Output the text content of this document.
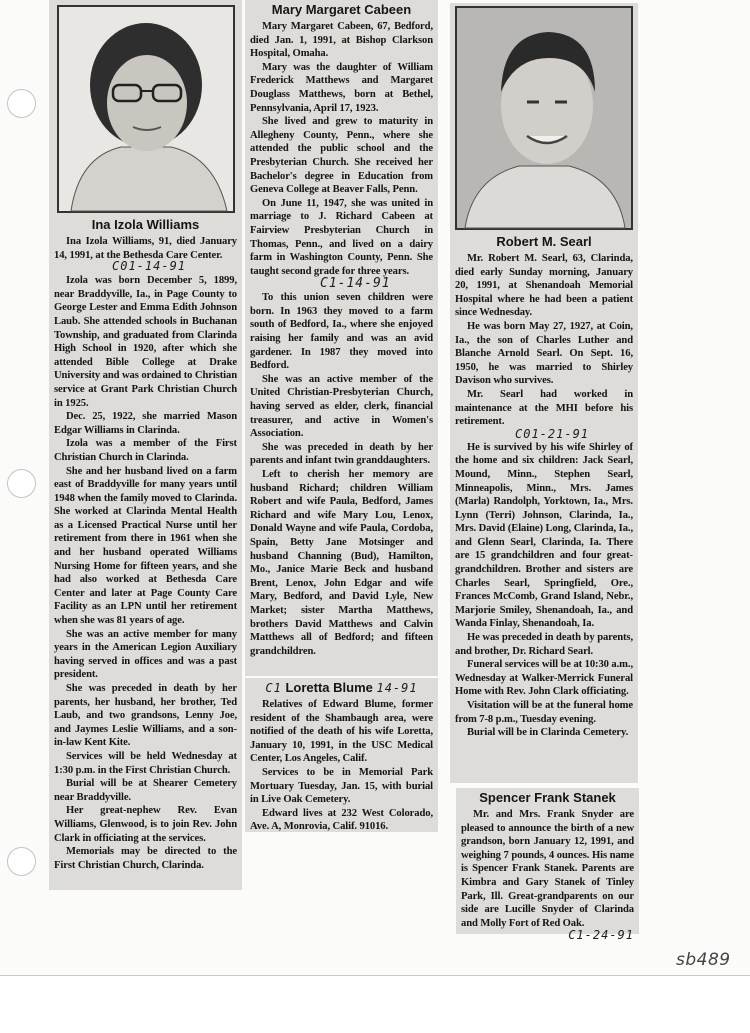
Ina Izola Williams

Ina Izola Williams, 91, died January 14, 1991, at the Bethesda Care Center.

C01-14-91

Izola was born December 5, 1899, near Braddyville, Ia., in Page County to George Lester and Emma Edith Johnson Laub. She attended schools in Buchanan Township, and graduated from Clarinda High School in 1920, after which she attended Bible College at Drake University and was ordained to Christian service at Grant Park Christian Church in 1925.

Dec. 25, 1922, she married Mason Edgar Williams in Clarinda.

Izola was a member of the First Christian Church in Clarinda.

She and her husband lived on a farm east of Braddyville for many years until 1948 when the family moved to Clarinda. She worked at Clarinda Mental Health as a Licensed Practical Nurse until her retirement from there in 1961 when she and her husband operated Williams Nursing Home for fifteen years, and she had also worked at Bethesda Care Center and later at Page County Care Facility as an LPN until her retirement when she was 81 years of age.

She was an active member for many years in the American Legion Auxiliary having served in offices and was a past president.

She was preceded in death by her parents, her husband, her brother, Ted Laub, and two grandsons, Lenny Joe, and Jaymes Leslie Williams, and a son-in-law Kent Kite.

Services will be held Wednesday at 1:30 p.m. in the First Christian Church.

Burial will be at Shearer Cemetery near Braddyville.

Her great-nephew Rev. Evan Williams, Glenwood, is to join Rev. John Clark in officiating at the services.

Memorials may be directed to the First Christian Church, Clarinda.

Mary Margaret Cabeen

Mary Margaret Cabeen, 67, Bedford, died Jan. 1, 1991, at Bishop Clarkson Hospital, Omaha.

Mary was the daughter of William Frederick Matthews and Margaret Douglass Matthews, born at Bethel, Pennsylvania, April 17, 1923.

She lived and grew to maturity in Allegheny County, Penn., where she attended the public school and the Presbyterian Church. She received her Bachelor's degree in Education from Geneva College at Beaver Falls, Penn.

On June 11, 1947, she was united in marriage to J. Richard Cabeen at Fairview Presbyterian Church in Thomas, Penn., and lived on a dairy farm in Washington County, Penn. She taught second grade for three years.

C1-14-91

To this union seven children were born. In 1963 they moved to a farm south of Bedford, Ia., where she enjoyed raising her family and was an avid gardener. In 1987 they moved into Bedford.

She was an active member of the United Christian-Presbyterian Church, having served as elder, clerk, financial treasurer, and active in Women's Association.

She was preceded in death by her parents and infant twin granddaughters.

Left to cherish her memory are husband Richard; children William Robert and wife Paula, Bedford, James Richard and wife Mary Lou, Lenox, Donald Wayne and wife Paula, Cordoba, Spain, Betty Jane Motsinger and husband Channing (Bud), Hamilton, Mo., Janice Marie Beck and husband Brent, Lenox, John Edgar and wife Mary, Bedford, and David Lyle, New Market; sister Martha Matthews, brothers David Matthews and Calvin Matthews all of Bedford; and fifteen grandchildren.

C1 Loretta Blume 14-91

Relatives of Edward Blume, former resident of the Shambaugh area, were notified of the death of his wife Loretta, January 10, 1991, in the USC Medical Center, Los Angeles, Calif.

Services to be in Memorial Park Mortuary Tuesday, Jan. 15, with burial in Live Oak Cemetery.

Edward lives at 232 West Colorado, Ave. A, Monrovia, Calif. 91016.

Robert M. Searl

Mr. Robert M. Searl, 63, Clarinda, died early Sunday morning, January 20, 1991, at Shenandoah Memorial Hospital where he had been a patient since Wednesday.

He was born May 27, 1927, at Coin, Ia., the son of Charles Luther and Blanche Arnold Searl. On Sept. 16, 1950, he was married to Shirley Davison who survives.

Mr. Searl had worked in maintenance at the MHI before his retirement.

C01-21-91

He is survived by his wife Shirley of the home and six children: Jack Searl, Mound, Minn., Stephen Searl, Minneapolis, Minn., Mrs. James (Marla) Randolph, Yorktown, Ia., Mrs. Lynn (Terri) Johnson, Clarinda, Ia., Mrs. David (Elaine) Long, Clarinda, Ia., and Glenn Searl, Clarinda, Ia. There are 15 grandchildren and four great-grandchildren. Brother and sisters are Charles Searl, Springfield, Ore., Frances McComb, Grand Island, Nebr., Marjorie Smiley, Shenandoah, Ia., and Wanda Finlay, Shenandoah, Ia.

He was preceded in death by parents, and brother, Dr. Richard Searl.

Funeral services will be at 10:30 a.m., Wednesday at Walker-Merrick Funeral Home with Rev. John Clark officiating.

Visitation will be at the funeral home from 7-8 p.m., Tuesday evening.

Burial will be in Clarinda Cemetery.

Spencer Frank Stanek

Mr. and Mrs. Frank Snyder are pleased to announce the birth of a new grandson, born January 12, 1991, and weighing 7 pounds, 4 ounces. His name is Spencer Frank Stanek. Parents are Kimbra and Gary Stanek of Tinley Park, Ill. Great-grandparents on our side are Lucille Snyder of Clarinda and Molly Fort of Red Oak.

C1-24-91
sb489
